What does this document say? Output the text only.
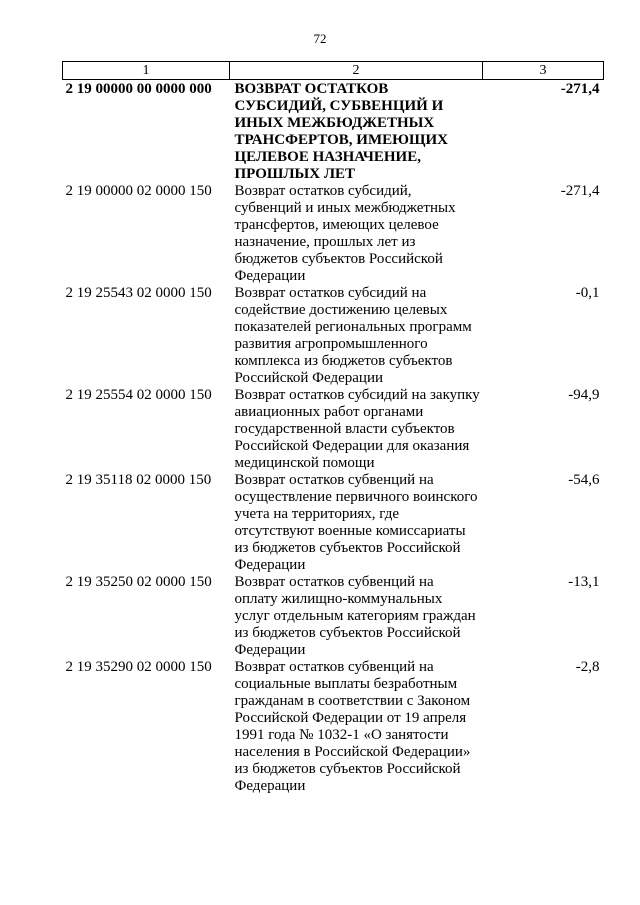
72
1	2	3
2 19 00000 00 0000 000	ВОЗВРАТ ОСТАТКОВ СУБСИДИЙ, СУБВЕНЦИЙ И ИНЫХ МЕЖБЮДЖЕТНЫХ ТРАНСФЕРТОВ, ИМЕЮЩИХ ЦЕЛЕВОЕ НАЗНАЧЕНИЕ, ПРОШЛЫХ ЛЕТ	-271,4
2 19 00000 02 0000 150	Возврат остатков субсидий, субвенций и иных межбюджетных трансфертов, имеющих целевое назначение, прошлых лет из бюджетов субъектов Российской Федерации	-271,4
2 19 25543 02 0000 150	Возврат остатков субсидий на содействие достижению целевых показателей региональных программ развития агропромышленного комплекса из бюджетов субъектов Российской Федерации	-0,1
2 19 25554 02 0000 150	Возврат остатков субсидий на закупку авиационных работ органами государственной власти субъектов Российской Федерации для оказания медицинской помощи	-94,9
2 19 35118 02 0000 150	Возврат остатков субвенций на осуществление первичного воинского учета на территориях, где отсутствуют военные комиссариаты из бюджетов субъектов Российской Федерации	-54,6
2 19 35250 02 0000 150	Возврат остатков субвенций на оплату жилищно-коммунальных услуг отдельным категориям граждан из бюджетов субъектов Российской Федерации	-13,1
2 19 35290 02 0000 150	Возврат остатков субвенций на социальные выплаты безработным гражданам в соответствии с Законом Российской Федерации от 19 апреля 1991 года № 1032-1 «О занятости населения в Российской Федерации» из бюджетов субъектов Российской Федерации	-2,8
